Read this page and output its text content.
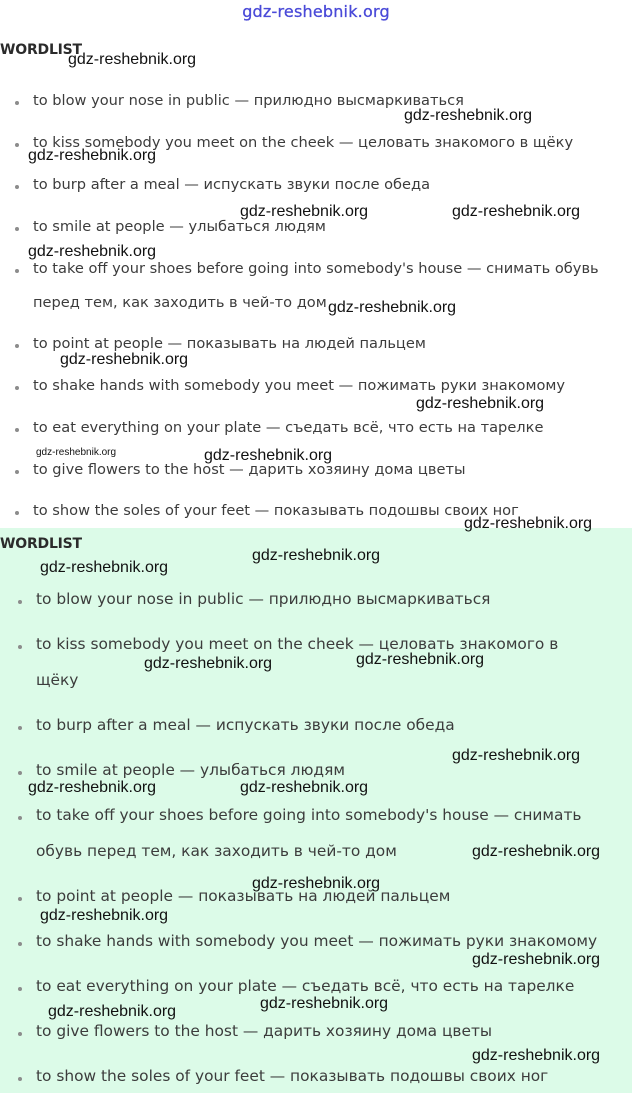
gdz-reshebnik.org
WORDLIST
to blow your nose in public — прилюдно высмаркиваться
to kiss somebody you meet on the cheek — целовать знакомого в щёку
to burp after a meal — испускать звуки после обеда
to smile at people — улыбаться людям
to take off your shoes before going into somebody's house — снимать обувь
перед тем, как заходить в чей-то дом
to point at people — показывать на людей пальцем
to shake hands with somebody you meet — пожимать руки знакомому
to eat everything on your plate — съедать всё, что есть на тарелке
to give flowers to the host — дарить хозяину дома цветы
to show the soles of your feet — показывать подошвы своих ног
WORDLIST
to blow your nose in public — прилюдно высмаркиваться
to kiss somebody you meet on the cheek — целовать знакомого в
щёку
to burp after a meal — испускать звуки после обеда
to smile at people — улыбаться людям
to take off your shoes before going into somebody's house — снимать
обувь перед тем, как заходить в чей-то дом
to point at people — показывать на людей пальцем
to shake hands with somebody you meet — пожимать руки знакомому
to eat everything on your plate — съедать всё, что есть на тарелке
to give flowers to the host — дарить хозяину дома цветы
to show the soles of your feet — показывать подошвы своих ног
gdz-reshebnik.org
gdz-reshebnik.org
gdz-reshebnik.org
gdz-reshebnik.org	gdz-reshebnik.org
gdz-reshebnik.org
gdz-reshebnik.org
gdz-reshebnik.org
gdz-reshebnik.org
gdz-reshebnik.org	gdz-reshebnik.org
gdz-reshebnik.org
gdz-reshebnik.org
gdz-reshebnik.org
gdz-reshebnik.org
gdz-reshebnik.org
gdz-reshebnik.org
gdz-reshebnik.org	gdz-reshebnik.org
gdz-reshebnik.org
gdz-reshebnik.org
gdz-reshebnik.org
gdz-reshebnik.org
gdz-reshebnik.org
gdz-reshebnik.org
gdz-reshebnik.org
